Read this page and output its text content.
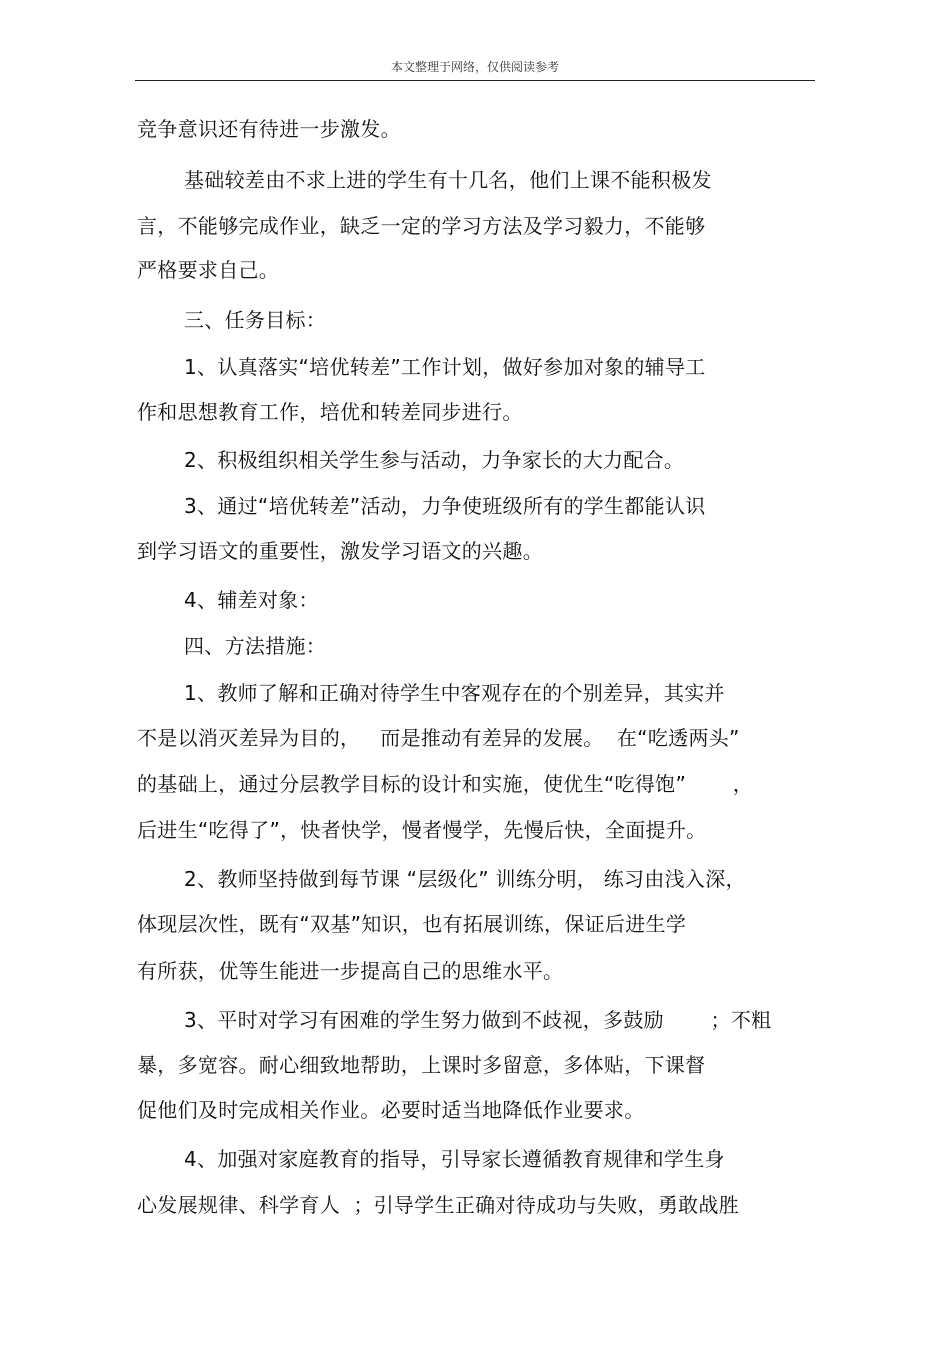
本文整理于网络，仅供阅读参考
竞争意识还有待进一步激发。
基础较差由不求上进的学生有十几名，他们上课不能积极发
言，不能够完成作业，缺乏一定的学习方法及学习毅力，不能够
严格要求自己。
三、任务目标：
1、认真落实“培优转差”工作计划，做好参加对象的辅导工
作和思想教育工作，培优和转差同步进行。
2、积极组织相关学生参与活动，力争家长的大力配合。
3、通过“培优转差”活动，力争使班级所有的学生都能认识
到学习语文的重要性，激发学习语文的兴趣。
4、辅差对象：
四、方法措施：
1、教师了解和正确对待学生中客观存在的个别差异，其实并
不是以消灭差异为目的，   而是推动有差异的发展。  在“吃透两头”
的基础上，通过分层教学目标的设计和实施，使优生“吃得饱”       ，
后进生“吃得了”，快者快学，慢者慢学，先慢后快，全面提升。
2、教师坚持做到每节课 “层级化” 训练分明， 练习由浅入深，
体现层次性，既有“双基”知识，也有拓展训练，保证后进生学
有所获，优等生能进一步提高自己的思维水平。
3、平时对学习有困难的学生努力做到不歧视，多鼓励       ；不粗
暴，多宽容。耐心细致地帮助，上课时多留意，多体贴，下课督
促他们及时完成相关作业。必要时适当地降低作业要求。
4、加强对家庭教育的指导，引导家长遵循教育规律和学生身
心发展规律、科学育人  ；引导学生正确对待成功与失败，勇敢战胜
